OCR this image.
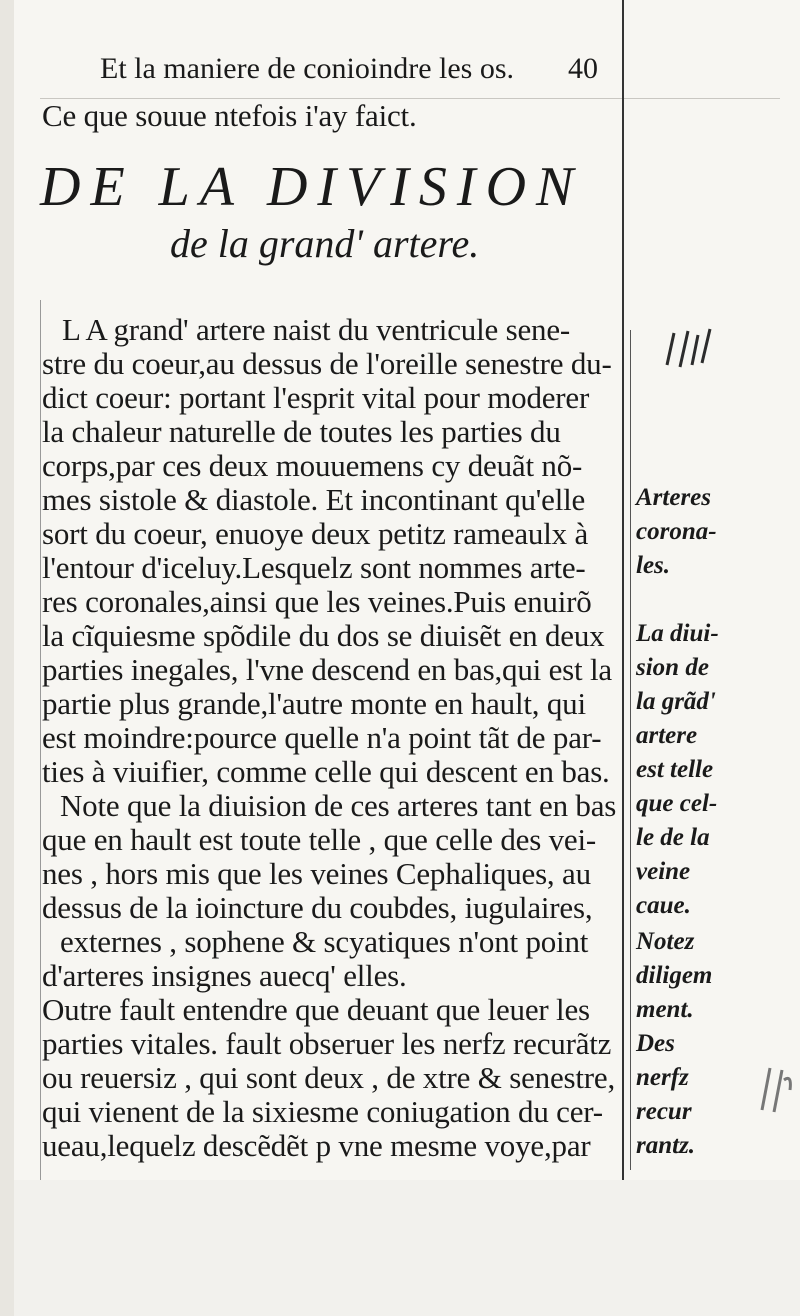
Et la maniere de conioindre les os. 40
Ce que souue ntefois i'ay faict.
DE LA DIVISION
de la grand' artere.
L A grand' artere naist du ventricule sene-
stre du coeur,au dessus de l'oreille senestre du-
dict coeur: portant l'esprit vital pour moderer
la chaleur naturelle de toutes les parties du
corps,par ces deux mouuemens cy deuãt nõ-
mes sistole & diastole. Et incontinant qu'elle
sort du coeur, enuoye deux petitz rameaulx à
l'entour d'iceluy.Lesquelz sont nommes arte-
res coronales,ainsi que les veines.Puis enuirõ
la cĩquiesme spõdile du dos se diuisẽt en deux
parties inegales, l'vne descend en bas,qui est la
partie plus grande,l'autre monte en hault, qui
est moindre:pource quelle n'a point tãt de par-
ties à viuifier, comme celle qui descent en bas.
Note que la diuision de ces arteres tant en bas
que en hault est toute telle , que celle des vei-
nes , hors mis que les veines Cephaliques, au
dessus de la ioincture du coubdes, iugulaires,
externes , sophene & scyatiques n'ont point
d'arteres insignes auecq' elles.
Outre fault entendre que deuant que leuer les
parties vitales. fault obseruer les nerfz recurãtz
ou reuersiz , qui sont deux , de xtre & senestre,
qui vienent de la sixiesme coniugation du cer-
ueau,lequelz descẽdẽt p vne mesme voye,par
Arteres
corona-
les.
La diui-
sion de
la grãd'
artere
est telle
que cel-
le de la
veine
caue.
Notez
diligem
ment.
Des
nerfz
recur
rantz.
